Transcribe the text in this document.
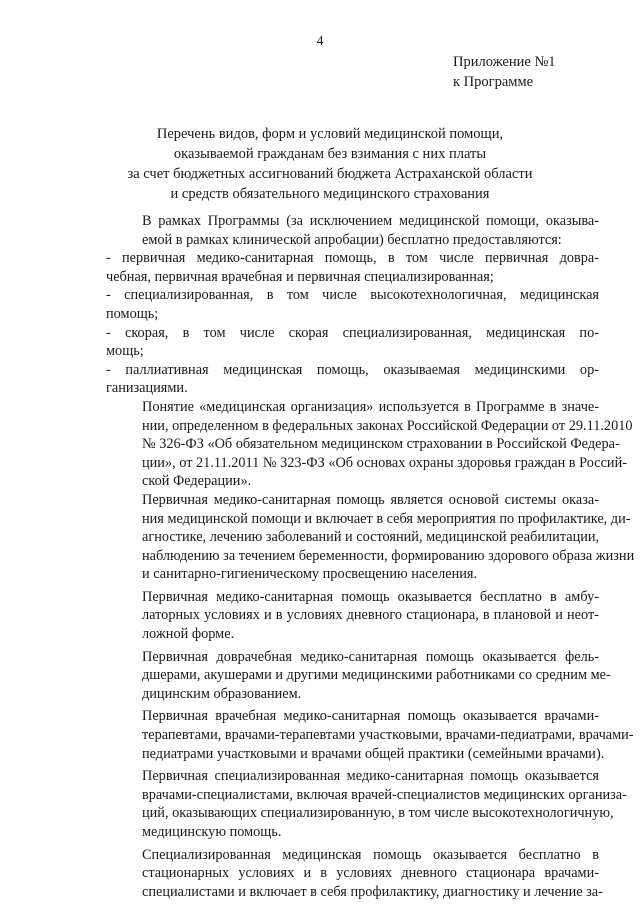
4
Приложение №1
к Программе
Перечень видов, форм и условий медицинской помощи,
оказываемой гражданам без взимания с них платы
за счет бюджетных ассигнований бюджета Астраханской области
и средств обязательного медицинского страхования
В рамках Программы (за исключением медицинской помощи, оказыва-
емой в рамках клинической апробации) бесплатно предоставляются:
- первичная медико-санитарная помощь, в том числе первичная довра-
чебная, первичная врачебная и первичная специализированная;
- специализированная, в том числе высокотехнологичная, медицинская
помощь;
- скорая, в том числе скорая специализированная, медицинская по-
мощь;
- паллиативная медицинская помощь, оказываемая медицинскими ор-
ганизациями.
Понятие «медицинская организация» используется в Программе в значе-
нии, определенном в федеральных законах Российской Федерации от 29.11.2010
№ 326-ФЗ «Об обязательном медицинском страховании в Российской Федера-
ции», от 21.11.2011 № 323-ФЗ «Об основах охраны здоровья граждан в Россий-
ской Федерации».
Первичная медико-санитарная помощь является основой системы оказа-
ния медицинской помощи и включает в себя мероприятия по профилактике, ди-
агностике, лечению заболеваний и состояний, медицинской реабилитации,
наблюдению за течением беременности, формированию здорового образа жизни
и санитарно-гигиеническому просвещению населения.
Первичная медико-санитарная помощь оказывается бесплатно в амбу-
латорных условиях и в условиях дневного стационара, в плановой и неот-
ложной форме.
Первичная доврачебная медико-санитарная помощь оказывается фель-
дшерами, акушерами и другими медицинскими работниками со средним ме-
дицинским образованием.
Первичная врачебная медико-санитарная помощь оказывается врачами-
терапевтами, врачами-терапевтами участковыми, врачами-педиатрами, врачами-
педиатрами участковыми и врачами общей практики (семейными врачами).
Первичная специализированная медико-санитарная помощь оказывается
врачами-специалистами, включая врачей-специалистов медицинских организа-
ций, оказывающих специализированную, в том числе высокотехнологичную,
медицинскую помощь.
Специализированная медицинская помощь оказывается бесплатно в
стационарных условиях и в условиях дневного стационара врачами-
специалистами и включает в себя профилактику, диагностику и лечение за-
